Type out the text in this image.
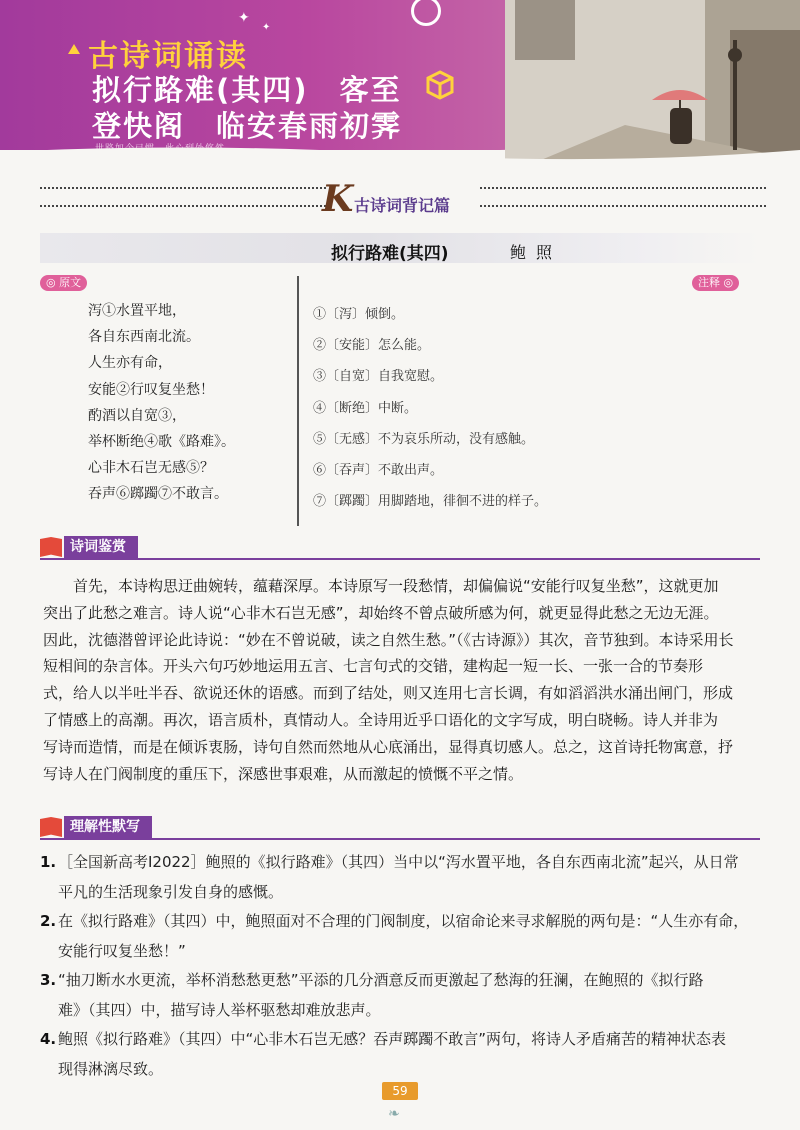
✦
✦
古诗词诵读
拟行路难(其四)　客至
登快阁　临安春雨初霁
K 古诗词背记篇
拟行路难(其四)	鲍照
◎ 原文	注释 ◎
泻①水置平地，
各自东西南北流。
人生亦有命，
安能②行叹复坐愁！
酌酒以自宽③，
举杯断绝④歌《路难》。
心非木石岂无感⑤？
吞声⑥踯躅⑦不敢言。
①〔泻〕倾倒。
②〔安能〕怎么能。
③〔自宽〕自我宽慰。
④〔断绝〕中断。
⑤〔无感〕不为哀乐所动，没有感触。
⑥〔吞声〕不敢出声。
⑦〔踯躅〕用脚踏地，徘徊不进的样子。
诗词鉴赏
　　首先，本诗构思迂曲婉转，蕴藉深厚。本诗原写一段愁情，却偏偏说“安能行叹复坐愁”，这就更加
突出了此愁之难言。诗人说“心非木石岂无感”，却始终不曾点破所感为何，就更显得此愁之无边无涯。
因此，沈德潜曾评论此诗说：“妙在不曾说破，读之自然生愁。”（《古诗源》）其次，音节独到。本诗采用长
短相间的杂言体。开头六句巧妙地运用五言、七言句式的交错，建构起一短一长、一张一合的节奏形
式，给人以半吐半吞、欲说还休的语感。而到了结处，则又连用七言长调，有如滔滔洪水涌出闸门，形成
了情感上的高潮。再次，语言质朴，真情动人。全诗用近乎口语化的文字写成，明白晓畅。诗人并非为
写诗而造情，而是在倾诉衷肠，诗句自然而然地从心底涌出，显得真切感人。总之，这首诗托物寓意，抒
写诗人在门阀制度的重压下，深感世事艰难，从而激起的愤慨不平之情。
理解性默写
1. ［全国新高考Ⅰ2022］鲍照的《拟行路难》（其四）当中以“泻水置平地，各自东西南北流”起兴，从日常
平凡的生活现象引发自身的感慨。
2. 在《拟行路难》（其四）中，鲍照面对不合理的门阀制度，以宿命论来寻求解脱的两句是：“人生亦有命，
安能行叹复坐愁！”
3. “抽刀断水水更流，举杯消愁愁更愁”平添的几分酒意反而更激起了愁海的狂澜，在鲍照的《拟行路
难》（其四）中，描写诗人举杯驱愁却难放悲声。
4. 鲍照《拟行路难》（其四）中“心非木石岂无感？吞声踯躅不敢言”两句，将诗人矛盾痛苦的精神状态表
现得淋漓尽致。
59
❧
